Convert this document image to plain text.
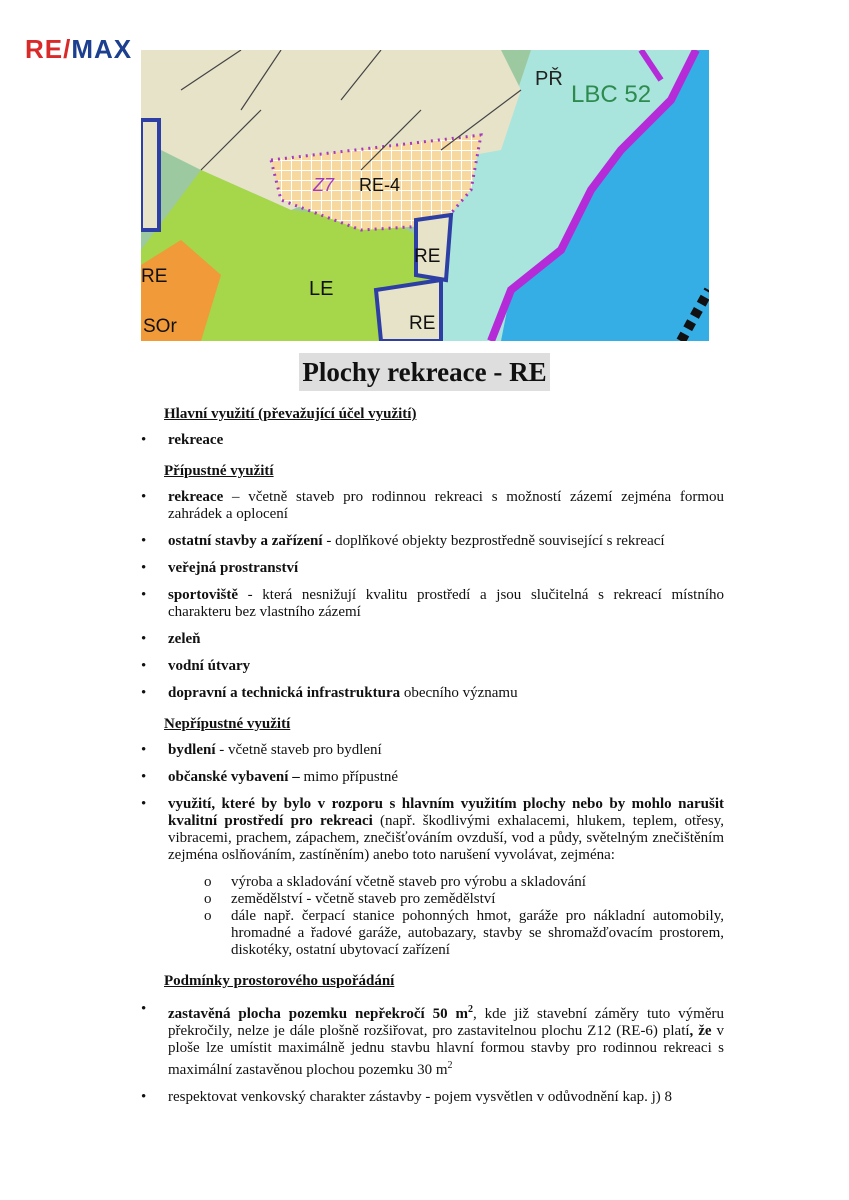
RE/MAX
PŘ
LBC 52
Z7 RE-4
RE
RE
LE
SOr	RE
Plochy rekreace - RE
Hlavní využití (převažující účel využití)
• rekreace
Přípustné využití
• rekreace – včetně staveb pro rodinnou rekreaci s možností zázemí zejména formou zahrádek a oplocení
• ostatní stavby a zařízení - doplňkové objekty bezprostředně související s rekreací
• veřejná prostranství
• sportoviště - která nesnižují kvalitu prostředí a jsou slučitelná s rekreací místního charakteru bez vlastního zázemí
• zeleň
• vodní útvary
• dopravní a technická infrastruktura obecního významu
Nepřípustné využití
• bydlení - včetně staveb pro bydlení
• občanské vybavení – mimo přípustné
• využití, které by bylo v rozporu s hlavním využitím plochy nebo by mohlo narušit kvalitní prostředí pro rekreaci (např. škodlivými exhalacemi, hlukem, teplem, otřesy, vibracemi, prachem, zápachem, znečišťováním ovzduší, vod a půdy, světelným znečištěním zejména oslňováním, zastíněním) anebo toto narušení vyvolávat, zejména:
o výroba a skladování včetně staveb pro výrobu a skladování
o zemědělství - včetně staveb pro zemědělství
o dále např. čerpací stanice pohonných hmot, garáže pro nákladní automobily, hromadné a řadové garáže, autobazary, stavby se shromažďovacím prostorem, diskotéky, ostatní ubytovací zařízení
Podmínky prostorového uspořádání
• zastavěná plocha pozemku nepřekročí 50 $m^2$, kde již stavební záměry tuto výměru překročily, nelze je dále plošně rozšiřovat, pro zastavitelnou plochu Z12 (RE-6) platí, že v ploše lze umístit maximálně jednu stavbu hlavní formou stavby pro rodinnou rekreaci s maximální zastavěnou plochou pozemku 30 $m^2$
• respektovat venkovský charakter zástavby - pojem vysvětlen v odůvodnění kap. j) 8
